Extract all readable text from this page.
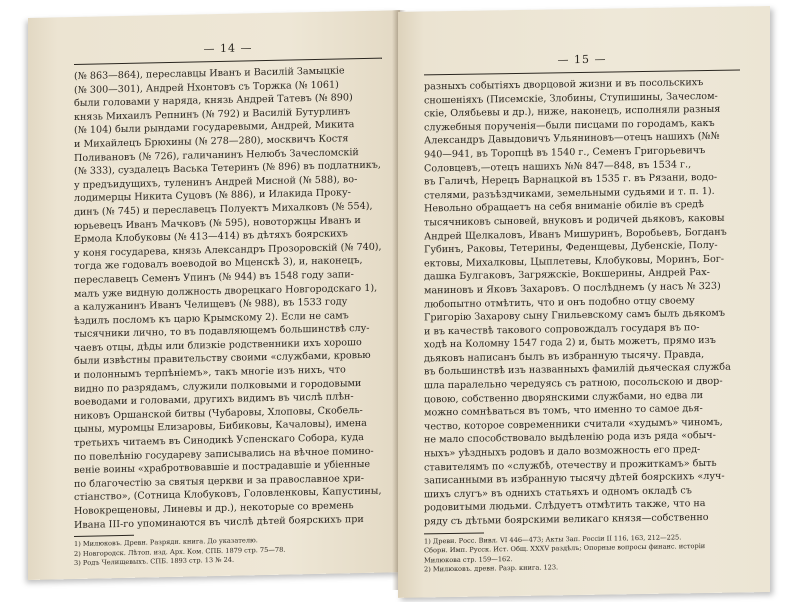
— 14 —
(№ 863—864), переславцы Иванъ и Василiй Замыцкiе
(№ 300—301), Андрей Нхонтовъ съ Торжка (№ 1061)
были головами у наряда, князь Андрей Татевъ (№ 890)
князь Михаилъ Репнинъ (№ 792) и Василiй Бутурлинъ
(№ 104) были рындами государевыми, Андрей, Микита
и Михайлецъ Брюхины (№ 278—280), москвичъ Костя
Поливановъ (№ 726), галичанинъ Нелюбъ Зачесломскiй
(№ 333), суздалецъ Васька Тетеринъ (№ 896) въ подлатникъ,
у предъидущихъ, туленинъ Андрей Мисной (№ 588), во-
лодимерцы Никита Суцовъ (№ 886), и Илакида Проку-
динъ (№ 745) и переславецъ Полуектъ Михалковъ (№ 554),
юрьевецъ Иванъ Мачковъ (№ 595), новоторжцы Иванъ и
Ермола Клобуковы (№ 413—414) въ дѣтяхъ боярскихъ
у коня государева, князь Александръ Прозоровскiй (№ 740),
тогда же годовалъ воеводой во Мценскѣ 3), и, наконецъ,
переславецъ Семенъ Упинъ (№ 944) въ 1548 году запи-
малъ уже видную должность дворецкаго Новгородскаго 1),
а калужанинъ Иванъ Челищевъ (№ 988), въ 1533 году
ѣздилъ посломъ къ царю Крымскому 2). Если не самъ
тысячники лично, то въ подавляющемъ большинствѣ слу-
чаевъ отцы, дѣды или близкiе родственники ихъ хорошо
были извѣстны правительству своими «службами, кровью
и полоннымъ терпѣнiемъ», такъ многiе изъ нихъ, что
видно по разрядамъ, служили полковыми и городовыми
воеводами и головами, другихъ видимъ въ числѣ плѣн-
никовъ Оршанской битвы (Чубаровы, Хлоповы, Скобель-
цыны, муромцы Елизаровы, Бибиковы, Качаловы), имена
третьихъ читаемъ въ Синодикѣ Успенскаго Собора, куда
по повелѣнiю государеву записывались на вѣчное помино-
венiе воины «храбротвовавшiе и пострадавшiе и убiенные
по благочестiю за святыя церкви и за православное хри-
стiанство», (Сотница Клобуковъ, Головленковы, Капустины,
Новокрещеновы, Линевы и др.), некоторые со времень
Ивана III-го упоминаются въ числѣ дѣтей боярскихъ при
1) Милюковъ. Древн. Разрядн. книга. До указателю.
2) Новгородск. Лѣтоп. изд. Арх. Ком. СПБ. 1879 стр. 75—78.
3) Родъ Челищевыхъ. СПБ. 1893 стр. 13 № 24.
— 15 —
разныхъ событiяхъ дворцовой жизни и въ посольскихъ
сношенiяхъ (Писемскiе, Злобины, Ступишины, Зачеслом-
скiе, Олябьевы и др.), ниже, наконецъ, исполняли разныя
служебныя порученiя—были писцами по городамъ, какъ
Александръ Давыдовичъ Ульяниновъ—отецъ нашихъ (№№
940—941, въ Торопцѣ въ 1540 г., Семенъ Григорьевичъ
Соловцевъ,—отецъ нашихъ №№ 847—848, въ 1534 г.,
въ Галичѣ, Нерецъ Варнацкой въ 1535 г. въ Рязани, водо-
стелями, разъѣздчиками, земельными судьями и т. п. 1).
Невольно обращаетъ на себя вниманiе обилiе въ средѣ
тысячниковъ сыновей, внуковъ и родичей дьяковъ, каковы
Андрей Щелкаловъ, Иванъ Мишуринъ, Воробьевъ, Богданъ
Губинъ, Раковы, Тетерины, Феденщевы, Дубенскiе, Полу-
ектовы, Михалковы, Цыплетевы, Клобуковы, Моринъ, Бог-
дашка Булгаковъ, Загряжскiе, Вокшерины, Андрей Рах-
маниновъ и Яковъ Захаровъ. О послѣднемъ (у насъ № 323)
любопытно отмѣтить, что и онъ подобно отцу своему
Григорiю Захарову сыну Гнильевскому самъ былъ дьякомъ
и въ качествѣ такового сопровождалъ государя въ по-
ходѣ на Коломну 1547 года 2) и, быть можетъ, прямо изъ
дьяковъ написанъ былъ въ избранную тысячу. Правда,
въ большинствѣ изъ названныхъ фамилiй дьяческая служба
шла паралельно чередуясь съ ратною, посольскою и двор-
цовою, собственно дворянскими службами, но едва ли
можно сомнѣваться въ томъ, что именно то самое дья-
чество, которое современники считали «худымъ» чиномъ,
не мало способствовало выдѣленiю рода изъ ряда «обыч-
ныхъ» уѣздныхъ родовъ и дало возможность его пред-
ставителямъ по «службѣ, отечеству и прожиткамъ» быть
записанными въ избранную тысячу дѣтей боярскихъ «луч-
шихъ слугъ» въ однихъ статьяхъ и одномъ окладѣ съ
родовитыми людьми. Слѣдуетъ отмѣтить также, что на
ряду съ дѣтьми боярскими великаго князя—собственно
1) Древн. Росс. Вивл. VI 446—473; Акты Зап. Россiи II 116, 163, 212—225.
Сборн. Имп. Русск. Ист. Общ. XXXV раздѣлъ; Опорные вопросы финанс. исторiи
Милюкова стр. 159—162.
2) Милюковъ. древн. Разр. книга. 123.
